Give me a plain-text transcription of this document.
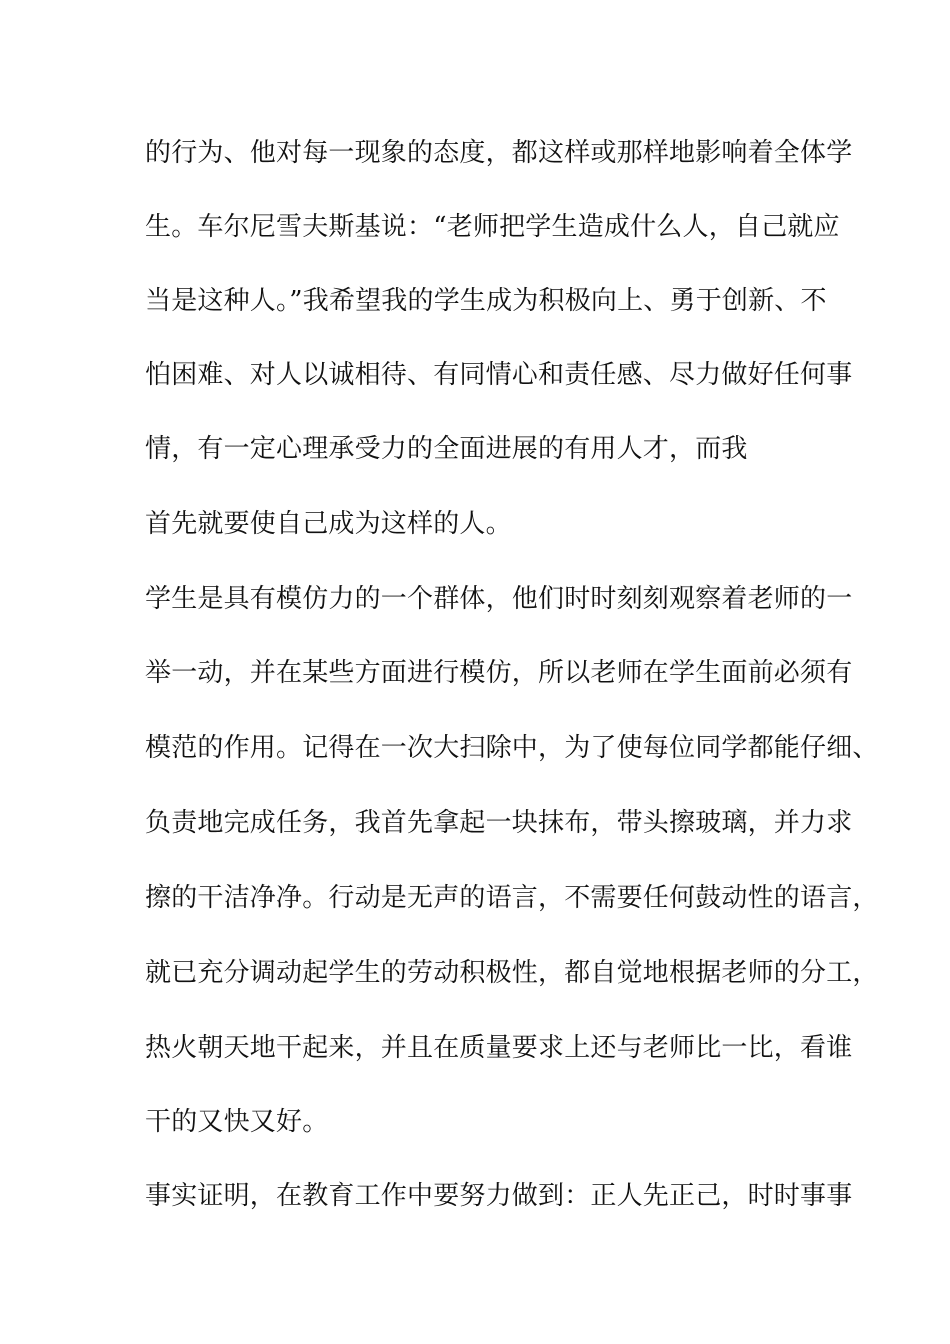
的行为、他对每一现象的态度，都这样或那样地影响着全体学
生。车尔尼雪夫斯基说：“老师把学生造成什么人，自己就应
当是这种人。”我希望我的学生成为积极向上、勇于创新、不
怕困难、对人以诚相待、有同情心和责任感、尽力做好任何事
情，有一定心理承受力的全面进展的有用人才，而我
首先就要使自己成为这样的人。
学生是具有模仿力的一个群体，他们时时刻刻观察着老师的一
举一动，并在某些方面进行模仿，所以老师在学生面前必须有
模范的作用。记得在一次大扫除中，为了使每位同学都能仔细、
负责地完成任务，我首先拿起一块抹布，带头擦玻璃，并力求
擦的干洁净净。行动是无声的语言，不需要任何鼓动性的语言，
就已充分调动起学生的劳动积极性，都自觉地根据老师的分工，
热火朝天地干起来，并且在质量要求上还与老师比一比，看谁
干的又快又好。
事实证明，在教育工作中要努力做到：正人先正己，时时事事
